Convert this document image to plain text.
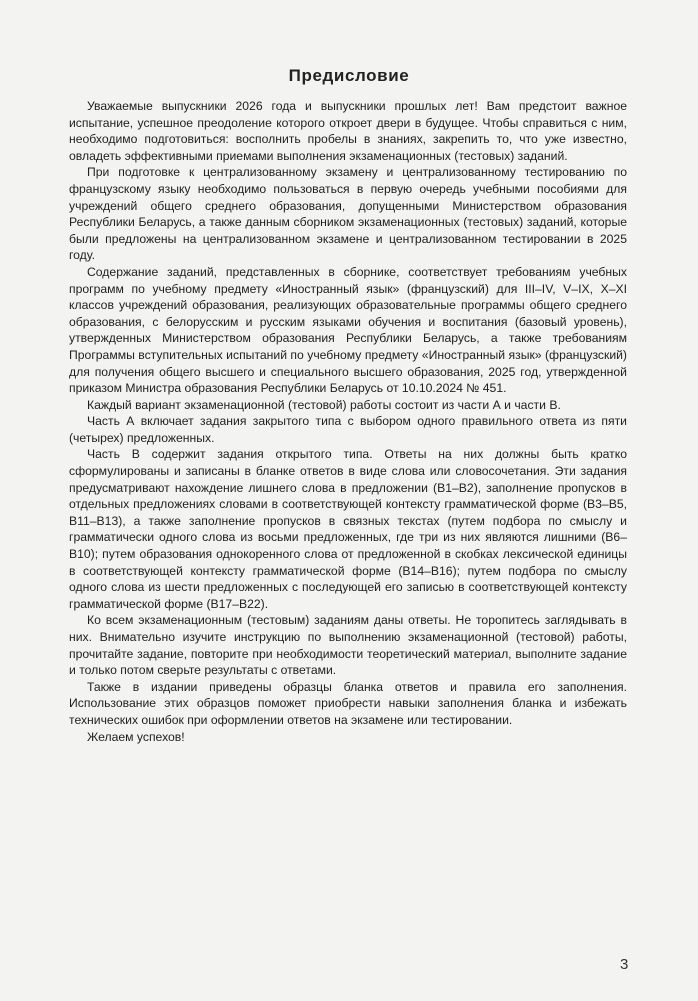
Предисловие

Уважаемые выпускники 2026 года и выпускники прошлых лет! Вам предстоит важное испытание, успешное преодоление которого откроет двери в будущее. Чтобы справиться с ним, необходимо подготовиться: восполнить пробелы в знаниях, закрепить то, что уже известно, овладеть эффективными приемами выполнения экзаменационных (тестовых) заданий.

При подготовке к централизованному экзамену и централизованному тестированию по французскому языку необходимо пользоваться в первую очередь учебными пособиями для учреждений общего среднего образования, допущенными Министерством образования Республики Беларусь, а также данным сборником экзаменационных (тестовых) заданий, которые были предложены на централизованном экзамене и централизованном тестировании в 2025 году.

Содержание заданий, представленных в сборнике, соответствует требованиям учебных программ по учебному предмету «Иностранный язык» (французский) для III–IV, V–IX, X–XI классов учреждений образования, реализующих образовательные программы общего среднего образования, с белорусским и русским языками обучения и воспитания (базовый уровень), утвержденных Министерством образования Республики Беларусь, а также требованиям Программы вступительных испытаний по учебному предмету «Иностранный язык» (французский) для получения общего высшего и специального высшего образования, 2025 год, утвержденной приказом Министра образования Республики Беларусь от 10.10.2024 № 451.

Каждый вариант экзаменационной (тестовой) работы состоит из части А и части В.

Часть А включает задания закрытого типа с выбором одного правильного ответа из пяти (четырех) предложенных.

Часть В содержит задания открытого типа. Ответы на них должны быть кратко сформулированы и записаны в бланке ответов в виде слова или словосочетания. Эти задания предусматривают нахождение лишнего слова в предложении (В1–В2), заполнение пропусков в отдельных предложениях словами в соответствующей контексту грамматической форме (В3–В5, В11–В13), а также заполнение пропусков в связных текстах (путем подбора по смыслу и грамматически одного слова из восьми предложенных, где три из них являются лишними (В6–В10); путем образования однокоренного слова от предложенной в скобках лексической единицы в соответствующей контексту грамматической форме (В14–В16); путем подбора по смыслу одного слова из шести предложенных с последующей его записью в соответствующей контексту грамматической форме (В17–В22).

Ко всем экзаменационным (тестовым) заданиям даны ответы. Не торопитесь заглядывать в них. Внимательно изучите инструкцию по выполнению экзаменационной (тестовой) работы, прочитайте задание, повторите при необходимости теоретический материал, выполните задание и только потом сверьте результаты с ответами.

Также в издании приведены образцы бланка ответов и правила его заполнения. Использование этих образцов поможет приобрести навыки заполнения бланка и избежать технических ошибок при оформлении ответов на экзамене или тестировании.

Желаем успехов!

3
